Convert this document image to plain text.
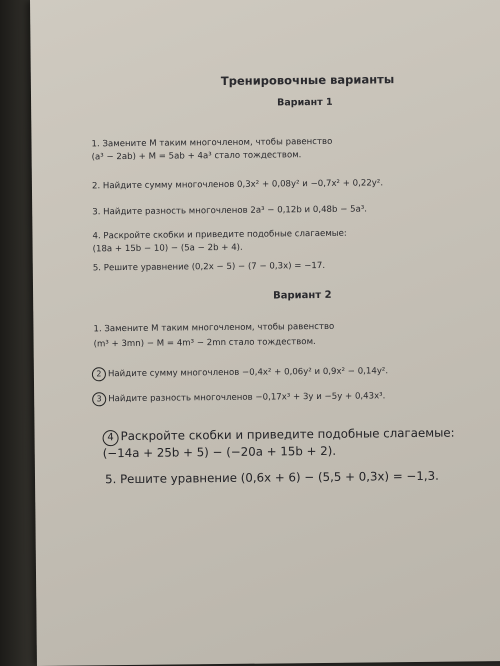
Тренировочные варианты
Вариант 1
1. Замените M таким многочленом, чтобы равенство
(a³ − 2ab) + M = 5ab + 4a³ стало тождеством.
2. Найдите сумму многочленов 0,3x² + 0,08y² и −0,7x² + 0,22y².
3. Найдите разность многочленов 2a³ − 0,12b и 0,48b − 5a³.
4. Раскройте скобки и приведите подобные слагаемые:
(18a + 15b − 10) − (5a − 2b + 4).
5. Решите уравнение (0,2x − 5) − (7 − 0,3x) = −17.
Вариант 2
1. Замените M таким многочленом, чтобы равенство
(m³ + 3mn) − M = 4m³ − 2mn стало тождеством.
2 Найдите сумму многочленов −0,4x² + 0,06y² и 0,9x² − 0,14y².
3 Найдите разность многочленов −0,17x³ + 3y и −5y + 0,43x³.
4 Раскройте скобки и приведите подобные слагаемые:
(−14a + 25b + 5) − (−20a + 15b + 2).
5. Решите уравнение (0,6x + 6) − (5,5 + 0,3x) = −1,3.
